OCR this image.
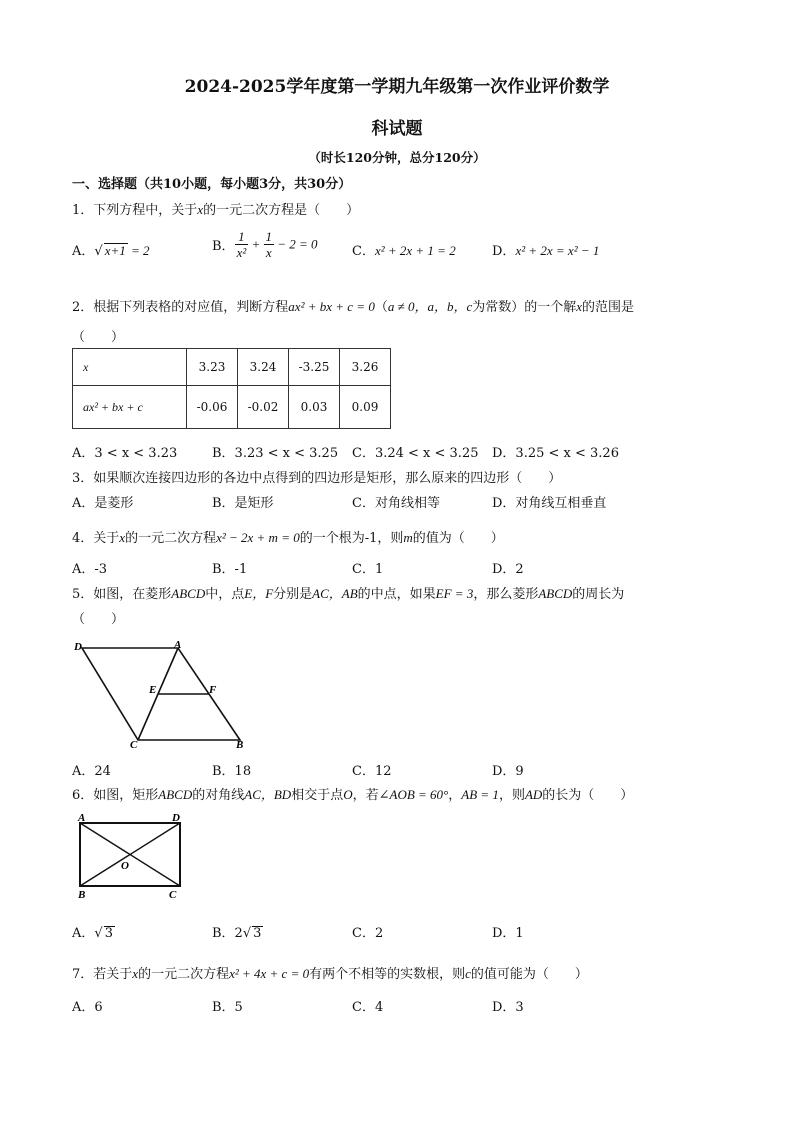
2024-2025学年度第一学期九年级第一次作业评价数学
科试题
（时长120分钟，总分120分）
一、选择题（共10小题，每小题3分，共30分）
1．下列方程中，关于x的一元二次方程是（　　）
A．√ x+1 = 2	B． $\frac{1}{\text{x²}} + \frac{1}{x} - 2 = 0$	C．x² + 2x + 1 = 2	D．x² + 2x = x² − 1
2．根据下列表格的对应值，判断方程ax² + bx + c = 0（a ≠ 0，a，b，c为常数）的一个解x的范围是
（　　）
x	3.23	3.24	-3.25	3.26
ax² + bx + c	-0.06	-0.02	0.03	0.09
A．3 < x < 3.23	B．3.23 < x < 3.25 C．3.24 < x < 3.25 D．3.25 < x < 3.26
3．如果顺次连接四边形的各边中点得到的四边形是矩形，那么原来的四边形（　　）
A．是菱形	B．是矩形	C．对角线相等	D．对角线互相垂直
4．关于x的一元二次方程x² − 2x + m = 0的一个根为-1，则m的值为（　　）
A．-3	B．-1	C．1	D．2
5．如图，在菱形ABCD中，点E，F分别是AC，AB的中点，如果EF = 3，那么菱形ABCD的周长为
（　　）
D	A
E	F
C	B
A．24	B．18	C．12	D．9
6．如图，矩形ABCD的对角线AC，BD相交于点O，若∠AOB = 60°，AB = 1，则AD的长为（　　）
A	D
O
B	C
A．√ 3	B．2√ 3	C．2	D．1
7．若关于x的一元二次方程x² + 4x + c = 0有两个不相等的实数根，则c的值可能为（　　）
A．6	B．5	C．4	D．3
